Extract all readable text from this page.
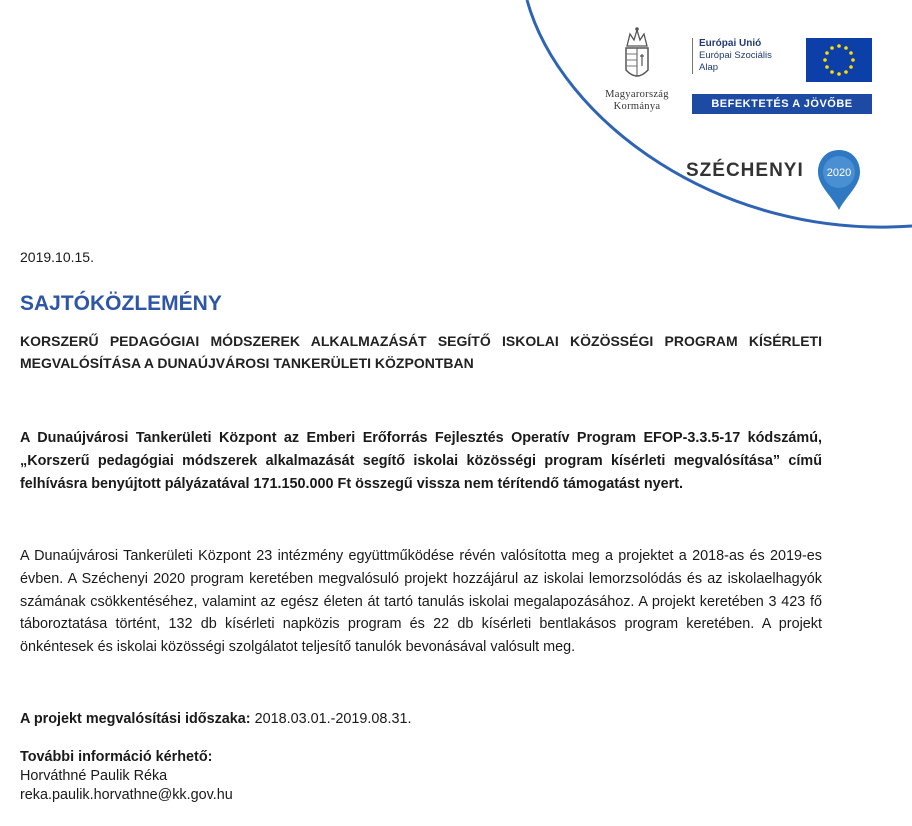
Magyarország
Kormánya
Európai Unió
Európai Szociális
Alap
BEFEKTETÉS A JÖVŐBE
SZÉCHENYI 2020
2019.10.15.
SAJTÓKÖZLEMÉNY
KORSZERŰ PEDAGÓGIAI MÓDSZEREK ALKALMAZÁSÁT SEGÍTŐ ISKOLAI KÖZÖSSÉGI PROGRAM KÍSÉRLETI MEGVALÓSÍTÁSA A DUNAÚJVÁROSI TANKERÜLETI KÖZPONTBAN
A Dunaújvárosi Tankerületi Központ az Emberi Erőforrás Fejlesztés Operatív Program EFOP-3.3.5-17 kódszámú, „Korszerű pedagógiai módszerek alkalmazását segítő iskolai közösségi program kísérleti megvalósítása” című felhívásra benyújtott pályázatával 171.150.000 Ft összegű vissza nem térítendő támogatást nyert.
A Dunaújvárosi Tankerületi Központ 23 intézmény együttműködése révén valósította meg a projektet a 2018-as és 2019-es évben. A Széchenyi 2020 program keretében megvalósuló projekt hozzájárul az iskolai lemorzsolódás és az iskolaelhagyók számának csökkentéséhez, valamint az egész életen át tartó tanulás iskolai megalapozásához. A projekt keretében 3 423 fő táboroztatása történt, 132 db kísérleti napközis program és 22 db kísérleti bentlakásos program keretében. A projekt önkéntesek és iskolai közösségi szolgálatot teljesítő tanulók bevonásával valósult meg.
A projekt megvalósítási időszaka: 2018.03.01.-2019.08.31.
További információ kérhető:
Horváthné Paulik Réka
reka.paulik.horvathne@kk.gov.hu
